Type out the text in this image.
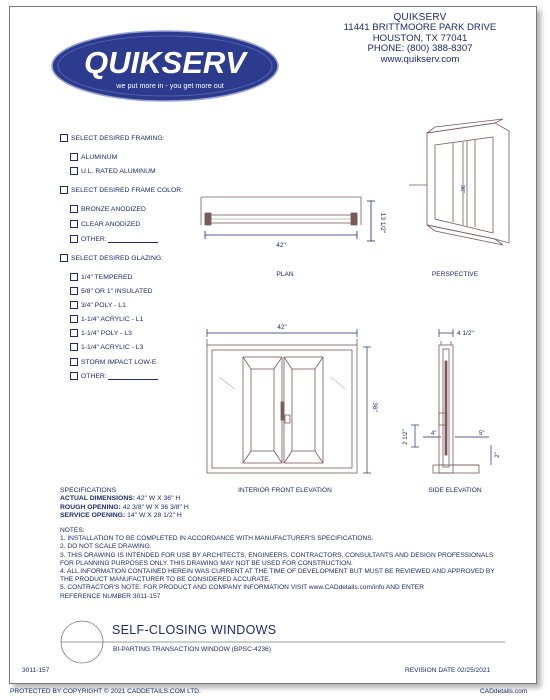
QUIKSERV
we put more in - you get more out
QUIKSERV
11441 BRITTMOORE PARK DRIVE
HOUSTON, TX 77041
PHONE: (800) 388-8307
www.quikserv.com
SELECT DESIRED FRAMING:
ALUMINUM
U.L. RATED ALUMINUM
SELECT DESIRED FRAME COLOR:
BRONZE ANODIZED
CLEAR ANODIZED
OTHER:
SELECT DESIRED GLAZING:
1/4" TEMPERED
5/8" OR 1" INSULATED
3/4" POLY - L1
1-1/4" ACRYLIC - L1
1-1/4" POLY - L3
1-1/4" ACRYLIC - L3
STORM IMPACT LOW-E
OTHER:
42"
13 1/2"
PLAN
36"
PERSPECTIVE
42"
36"
INTERIOR FRONT ELEVATION
4 1/2"
2 1/2"	4"	5"
2"
SIDE ELEVATION
SPECIFICATIONS
ACTUAL DIMENSIONS: 42" W X 36" H
ROUGH OPENING: 42 3/8" W X 36 3/8" H
SERVICE OPENING: 14" W X 28 1/2" H

NOTES:

1. INSTALLATION TO BE COMPLETED IN ACCORDANCE WITH MANUFACTURER'S SPECIFICATIONS.

2. DO NOT SCALE DRAWING.

3. THIS DRAWING IS INTENDED FOR USE BY ARCHITECTS, ENGINEERS, CONTRACTORS, CONSULTANTS AND DESIGN PROFESSIONALS

FOR PLANNING PURPOSES ONLY. THIS DRAWING MAY NOT BE USED FOR CONSTRUCTION.

4. ALL INFORMATION CONTAINED HEREIN WAS CURRENT AT THE TIME OF DEVELOPMENT BUT MUST BE REVIEWED AND APPROVED BY

THE PRODUCT MANUFACTURER TO BE CONSIDERED ACCURATE.

5. CONTRACTOR'S NOTE: FOR PRODUCT AND COMPANY INFORMATION VISIT www.CADdetails.com/info AND ENTER

REFERENCE NUMBER 3011-157

SELF-CLOSING WINDOWS
BI-PARTING TRANSACTION WINDOW (BPSC-4236)
3011-157	REVISION DATE 02/25/2021
PROTECTED BY COPYRIGHT © 2021 CADDETAILS.COM LTD.	CADdetails.com
